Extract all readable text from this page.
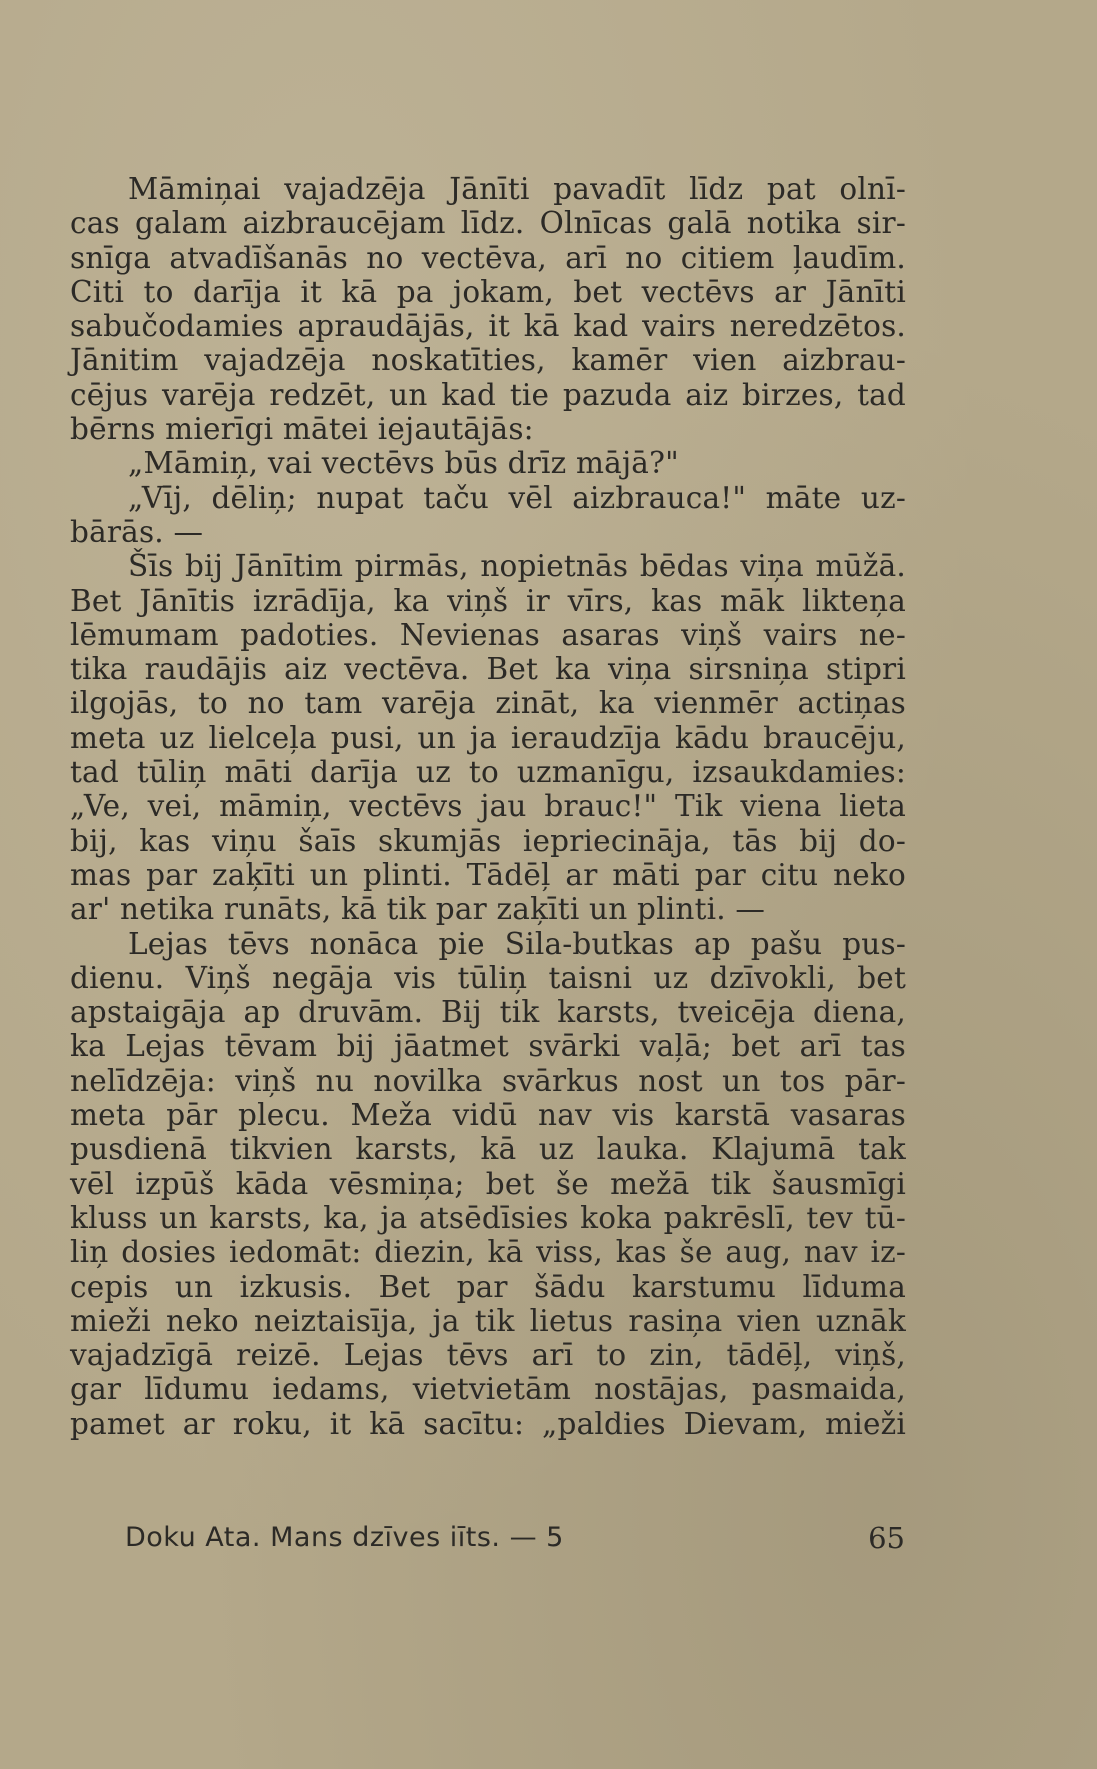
Māmiņai vajadzēja Jānīti pavadīt līdz pat olnī-
cas galam aizbraucējam līdz. Olnīcas galā notika sir-
snīga atvadīšanās no vectēva, arī no citiem ļaudīm.
Citi to darīja it kā pa jokam, bet vectēvs ar Jānīti
sabučodamies apraudājās, it kā kad vairs neredzētos.
Jānitim vajadzēja noskatīties, kamēr vien aizbrau-
cējus varēja redzēt, un kad tie pazuda aiz birzes, tad
bērns mierīgi mātei iejautājās:
„Māmiņ, vai vectēvs būs drīz mājā?"
„Vīj, dēliņ; nupat taču vēl aizbrauca!" māte uz-
bārās. —
Šīs bij Jānītim pirmās, nopietnās bēdas viņa mūžā.
Bet Jānītis izrādīja, ka viņš ir vīrs, kas māk likteņa
lēmumam padoties. Nevienas asaras viņš vairs ne-
tika raudājis aiz vectēva. Bet ka viņa sirsniņa stipri
ilgojās, to no tam varēja zināt, ka vienmēr actiņas
meta uz lielceļa pusi, un ja ieraudzīja kādu braucēju,
tad tūliņ māti darīja uz to uzmanīgu, izsaukdamies:
„Ve, vei, māmiņ, vectēvs jau brauc!" Tik viena lieta
bij, kas viņu šaīs skumjās iepriecināja, tās bij do-
mas par zaķīti un plinti. Tādēļ ar māti par citu neko
ar' netika runāts, kā tik par zaķīti un plinti. —
Lejas tēvs nonāca pie Sila-butkas ap pašu pus-
dienu. Viņš negāja vis tūliņ taisni uz dzīvokli, bet
apstaigāja ap druvām. Bij tik karsts, tveicēja diena,
ka Lejas tēvam bij jāatmet svārki vaļā; bet arī tas
nelīdzēja: viņš nu novilka svārkus nost un tos pār-
meta pār plecu. Meža vidū nav vis karstā vasaras
pusdienā tikvien karsts, kā uz lauka. Klajumā tak
vēl izpūš kāda vēsmiņa; bet še mežā tik šausmīgi
kluss un karsts, ka, ja atsēdīsies koka pakrēslī, tev tū-
liņ dosies iedomāt: diezin, kā viss, kas še aug, nav iz-
cepis un izkusis. Bet par šādu karstumu līduma
mieži neko neiztaisīja, ja tik lietus rasiņa vien uznāk
vajadzīgā reizē. Lejas tēvs arī to zin, tādēļ, viņš,
gar līdumu iedams, vietvietām nostājas, pasmaida,
pamet ar roku, it kā sacītu: „paldies Dievam, mieži
Doku Ata. Mans dzīves iīts. — 5	65
